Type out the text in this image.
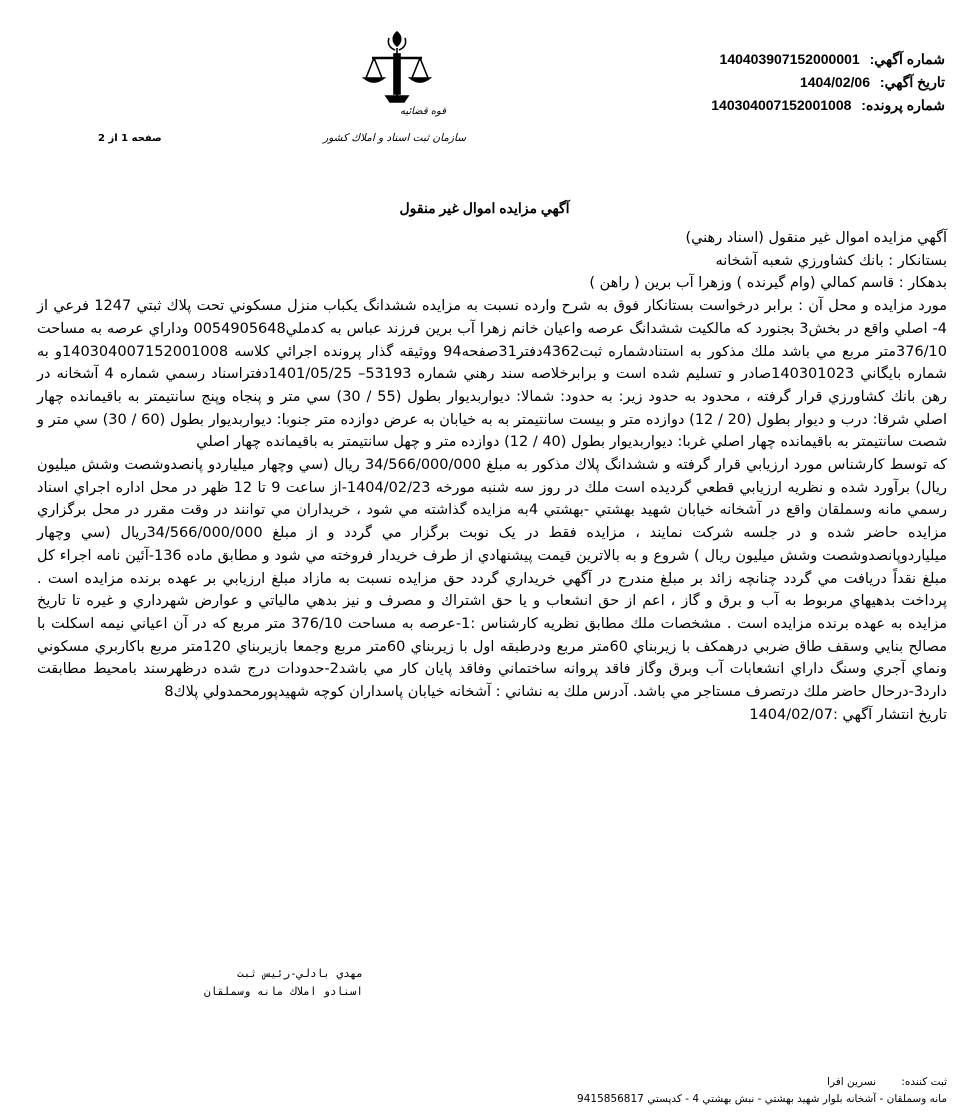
شماره آگهي: 140403907152000001
تاريخ آگهي: 1404/02/06
شماره پرونده: 140304007152001008
قوه قضائيه
سازمان ثبت اسناد و املاك كشور
صفحه 1 از 2
آگهي مزايده اموال غير منقول

آگهي مزايده اموال غير منقول (اسناد رهني)

بستانكار : بانك كشاورزي شعبه آشخانه

بدهكار : قاسم كمالي (وام گيرنده ) وزهرا آب برين ( راهن )

مورد مزايده و محل آن : برابر درخواست بستانكار فوق به شرح وارده نسبت به مزايده ششدانگ يكباب منزل مسكوني تحت پلاك ثبتي 1247 فرعي از 4- اصلي واقع در بخش3 بجنورد كه مالكيت ششدانگ عرصه واعيان خانم زهرا آب برين فرزند عباس به كدملي0054905648 وداراي عرصه به مساحت 376/10متر مربع مي باشد ملك مذكور به استنادشماره ثبت4362دفتر31صفحه94 ووثيقه گذار پرونده اجرائي كلاسه 140304007152001008و به شماره بايگاني 140301023صادر و تسليم شده است و برابرخلاصه سند رهني شماره 53193– 1401/05/25دفتراسناد رسمي شماره 4 آشخانه در رهن بانك كشاورزي قرار گرفته ، محدود به حدود زير: به حدود: شمالا: ديواربديوار بطول (55 / 30) سي متر و پنجاه وپنج سانتيمتر به باقيمانده چهار اصلي شرقا: درب و ديوار بطول (20 / 12) دوازده متر و بيست سانتيمتر به به خيابان به عرض دوازده متر جنوبا: ديواربديوار بطول (60 / 30) سي متر و شصت سانتيمتر به باقيمانده چهار اصلي غربا: ديواربديوار بطول (40 / 12) دوازده متر و چهل سانتيمتر به باقيمانده چهار اصلي

كه توسط كارشناس مورد ارزيابي قرار گرفته و ششدانگ پلاك مذكور به مبلغ 34/566/000/000 ريال (سي وچهار ميلياردو پانصدوشصت وشش ميليون ريال) برآورد شده و نظريه ارزيابي قطعي گرديده است ملك در روز سه شنبه مورخه 1404/02/23-از ساعت 9 تا 12 ظهر در محل اداره اجراي اسناد رسمي مانه وسملقان واقع در آشخانه خيابان شهيد بهشتي -بهشتي 4به مزايده گذاشته مي شود ، خريداران مي توانند در وقت مقرر در محل برگزاري مزايده حاضر شده و در جلسه شركت نمايند ، مزايده فقط در يک نوبت برگزار مي گردد و از مبلغ 34/566/000/000ريال (سي وچهار ميلياردوپانصدوشصت وشش ميليون ريال ) شروع و به بالاترين قيمت پيشنهادي از طرف خريدار فروخته مي شود و مطابق ماده 136-آئين نامه اجراء كل مبلغ نقداً دريافت مي گردد چنانچه زائد بر مبلغ مندرج در آگهي خريداري گردد حق مزايده نسبت به مازاد مبلغ ارزيابي بر عهده برنده مزايده است . پرداخت بدهيهاي مربوط به آب و برق و گاز ، اعم از حق انشعاب و يا حق اشتراك و مصرف و نيز بدهي مالياتي و عوارض شهرداري و غيره تا تاريخ مزايده به عهده برنده مزايده است . مشخصات ملك مطابق نظريه كارشناس :1-عرصه به مساحت 376/10 متر مربع كه در آن اعياني نيمه اسكلت با مصالح بنايي وسقف طاق ضربي درهمكف با زيربناي 60متر مربع ودرطبقه اول با زيربناي 60متر مربع وجمعا بازيربناي 120متر مربع باكاربري مسكوني ونماي آجري وسنگ داراي انشعابات آب وبرق وگاز فاقد پروانه ساختماني وفاقد پايان كار مي باشد2-حدودات درج شده درظهرسند بامحيط مطابقت دارد3-درحال حاضر ملك درتصرف مستاجر مي باشد. آدرس ملك به نشاني : آشخانه خيابان پاسداران كوچه شهيدپورمحمدولي پلاك8

تاريخ انتشار آگهي :1404/02/07

مهدي بادلي-رئيس ثبت اسنادو املاك مانه وسملقان
ثبت كننده: نسرين افرا
مانه وسملقان - آشخانه بلوار شهيد بهشتي - نبش بهشتي 4 - كدپستي 9415856817
